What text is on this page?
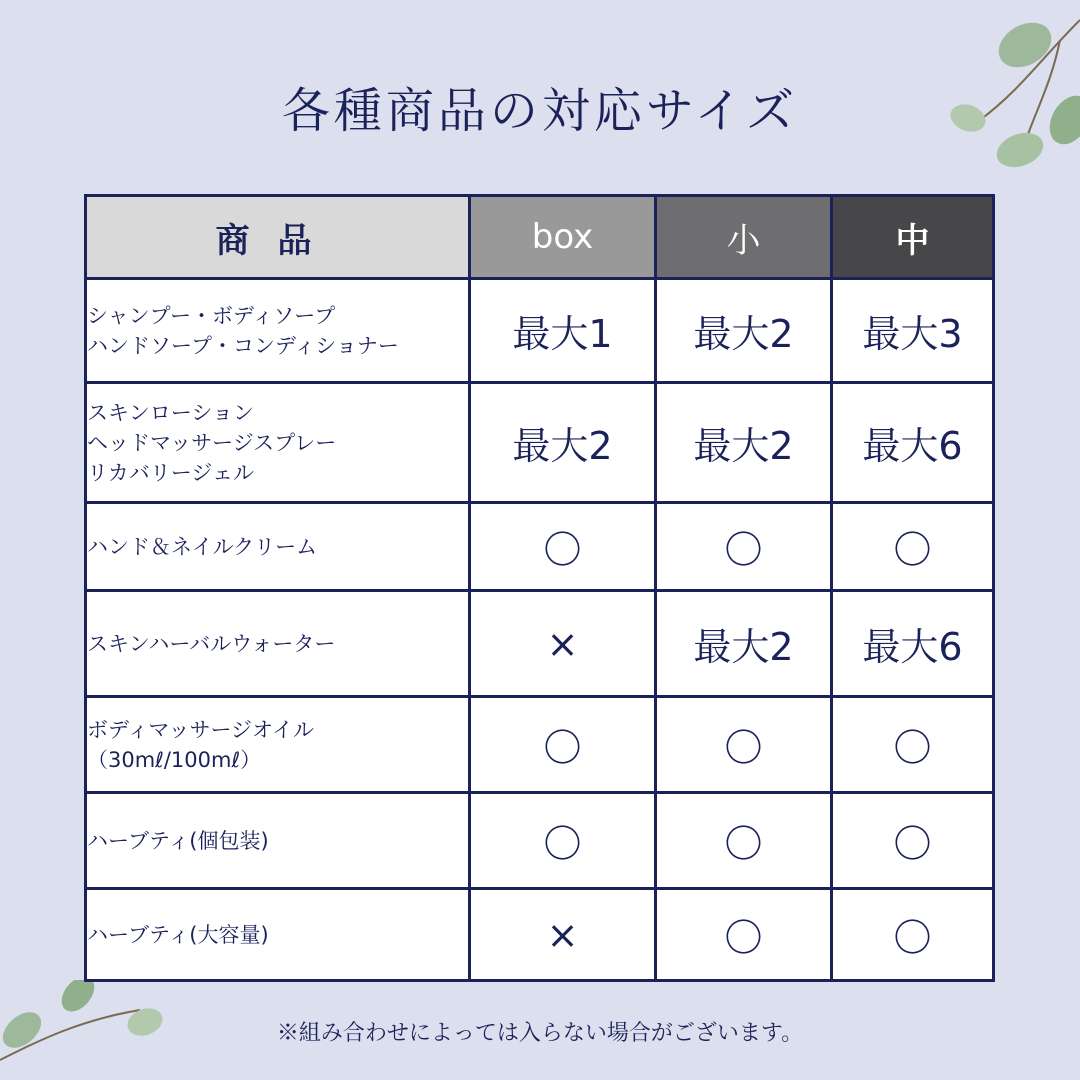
各種商品の対応サイズ
商品	box	小	中
シャンプー・ボディソープ
ハンドソープ・コンディショナー	最大1	最大2	最大3
スキンローション
ヘッドマッサージスプレー
リカバリージェル	最大2	最大2	最大6
ハンド＆ネイルクリーム	〇	〇	〇
スキンハーバルウォーター	×	最大2	最大6
ボディマッサージオイル
（30mℓ/100mℓ）	〇	〇	〇
ハーブティ(個包装)	〇	〇	〇
ハーブティ(大容量)	×	〇	〇
※組み合わせによっては入らない場合がございます。
